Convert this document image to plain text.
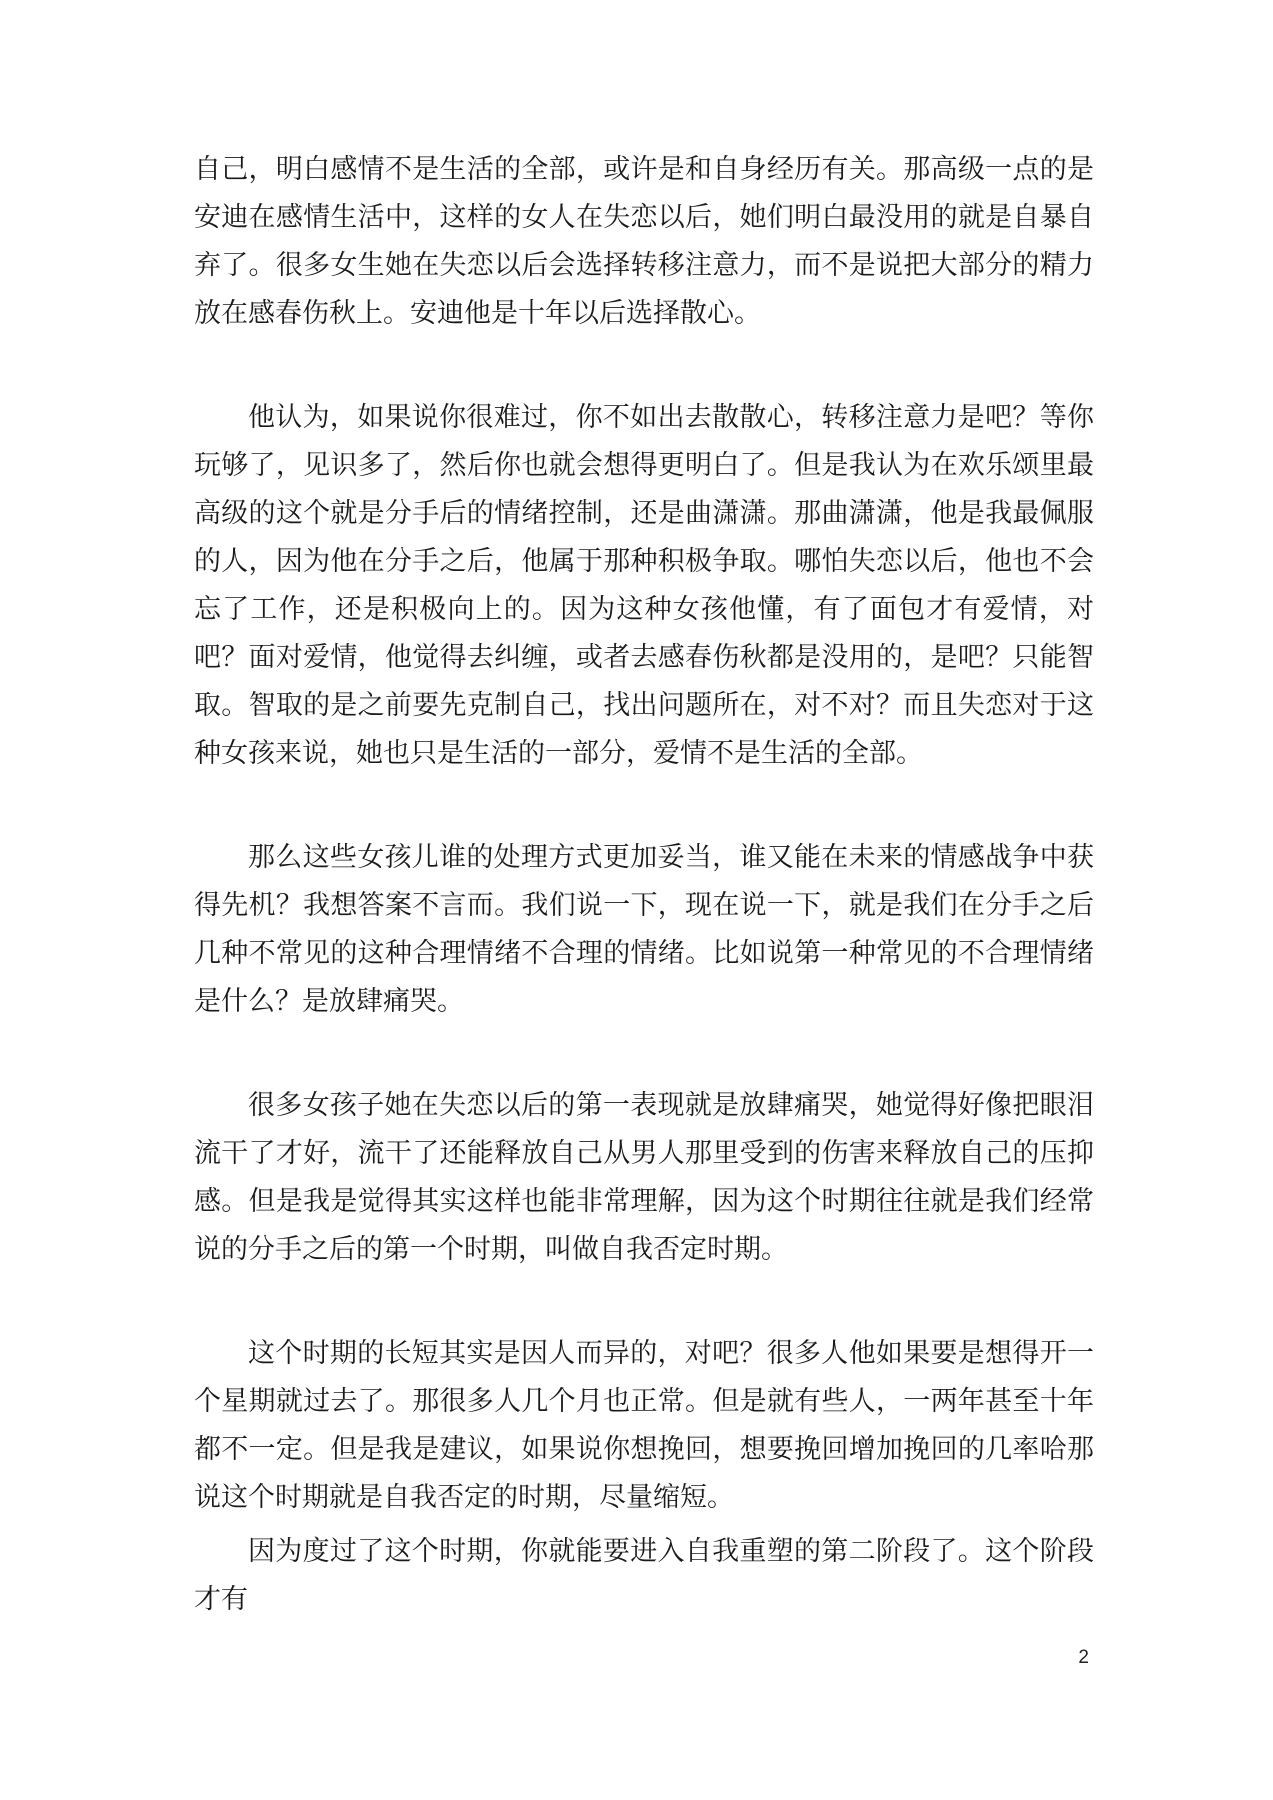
自己，明白感情不是生活的全部，或许是和自身经历有关。那高级一点的是安迪在感情生活中，这样的女人在失恋以后，她们明白最没用的就是自暴自弃了。很多女生她在失恋以后会选择转移注意力，而不是说把大部分的精力放在感春伤秋上。安迪他是十年以后选择散心。

他认为，如果说你很难过，你不如出去散散心，转移注意力是吧？等你玩够了，见识多了，然后你也就会想得更明白了。但是我认为在欢乐颂里最高级的这个就是分手后的情绪控制，还是曲潇潇。那曲潇潇，他是我最佩服的人，因为他在分手之后，他属于那种积极争取。哪怕失恋以后，他也不会忘了工作，还是积极向上的。因为这种女孩他懂，有了面包才有爱情，对吧？面对爱情，他觉得去纠缠，或者去感春伤秋都是没用的，是吧？只能智取。智取的是之前要先克制自己，找出问题所在，对不对？而且失恋对于这种女孩来说，她也只是生活的一部分，爱情不是生活的全部。

那么这些女孩儿谁的处理方式更加妥当，谁又能在未来的情感战争中获得先机？我想答案不言而。我们说一下，现在说一下，就是我们在分手之后几种不常见的这种合理情绪不合理的情绪。比如说第一种常见的不合理情绪是什么？是放肆痛哭。

很多女孩子她在失恋以后的第一表现就是放肆痛哭，她觉得好像把眼泪流干了才好，流干了还能释放自己从男人那里受到的伤害来释放自己的压抑感。但是我是觉得其实这样也能非常理解，因为这个时期往往就是我们经常说的分手之后的第一个时期，叫做自我否定时期。

这个时期的长短其实是因人而异的，对吧？很多人他如果要是想得开一个星期就过去了。那很多人几个月也正常。但是就有些人，一两年甚至十年都不一定。但是我是建议，如果说你想挽回，想要挽回增加挽回的几率哈那说这个时期就是自我否定的时期，尽量缩短。

因为度过了这个时期，你就能要进入自我重塑的第二阶段了。这个阶段才有

2
